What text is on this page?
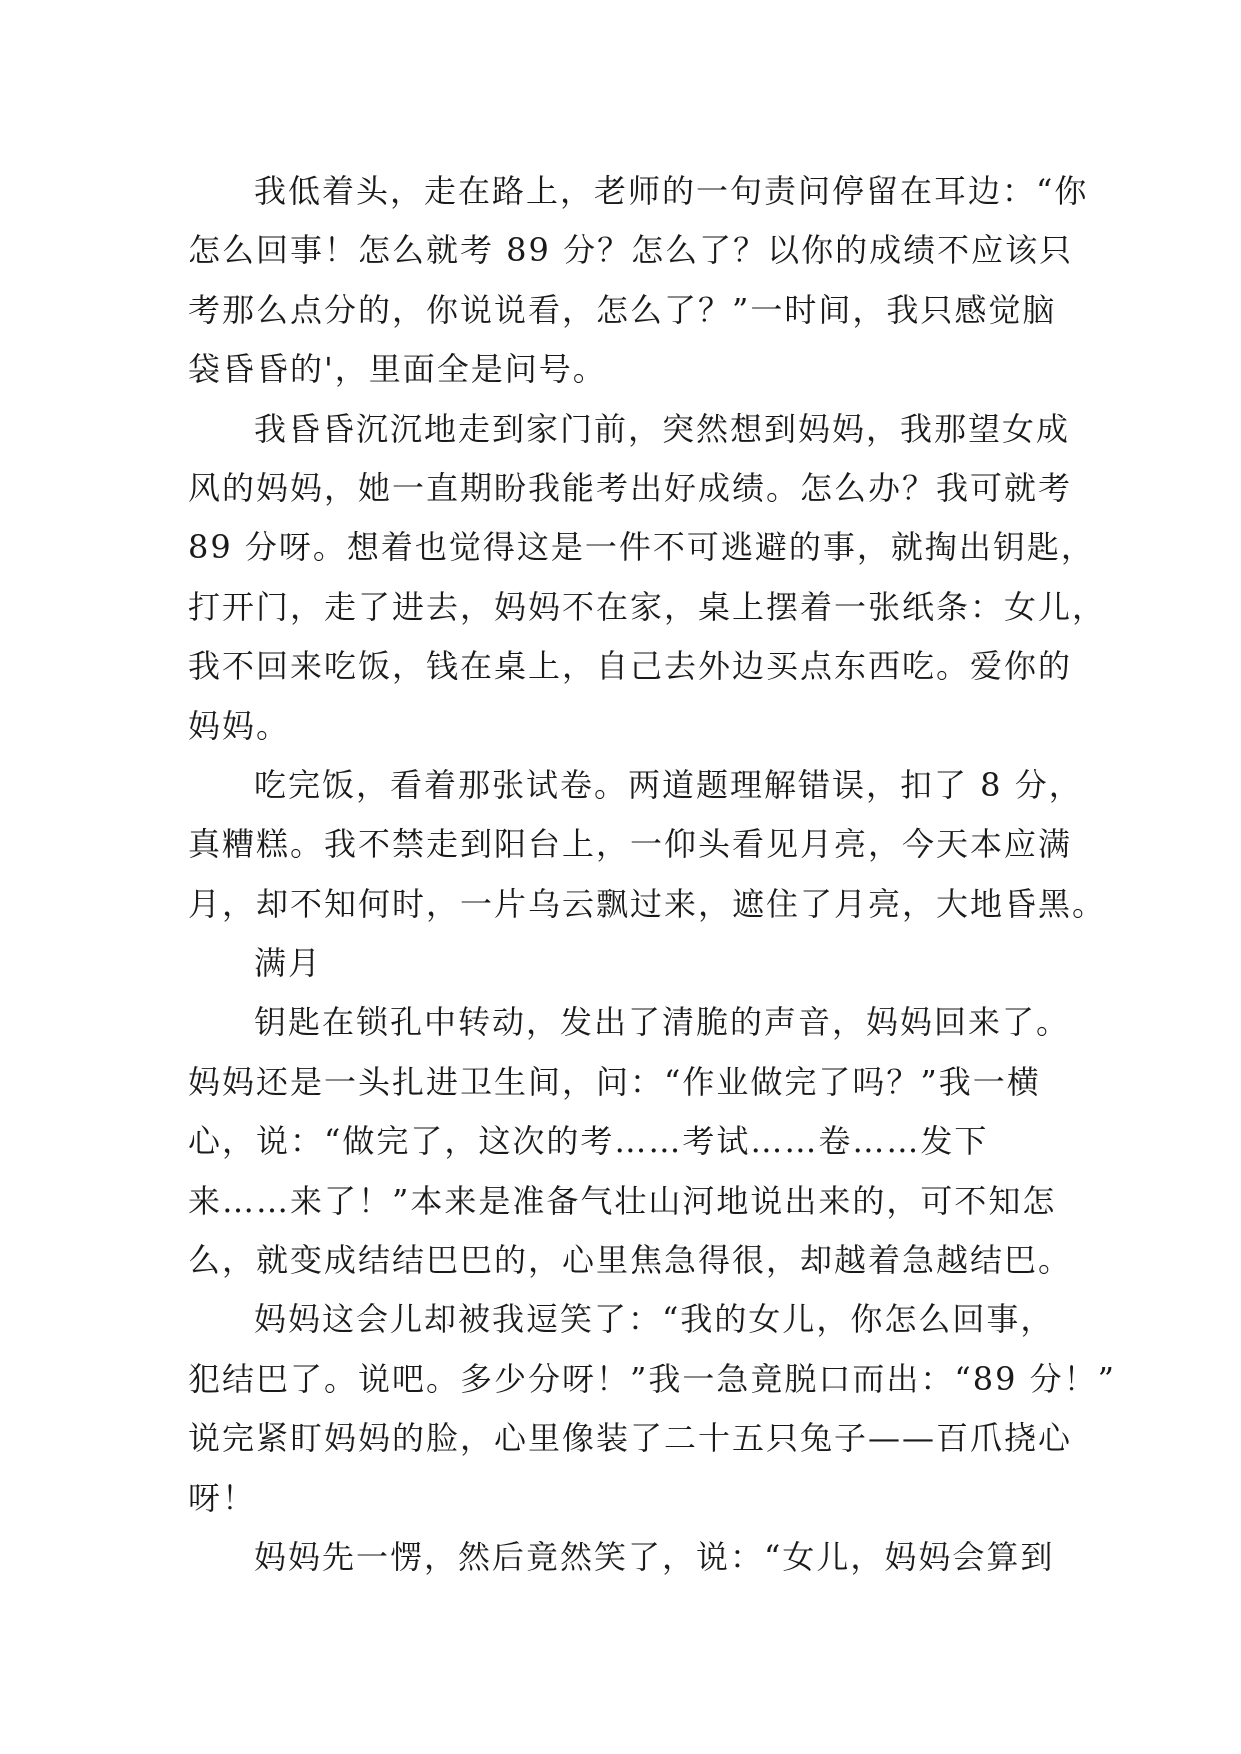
我低着头，走在路上，老师的一句责问停留在耳边：“你
怎么回事！怎么就考 89 分？怎么了？以你的成绩不应该只
考那么点分的，你说说看，怎么了？”一时间，我只感觉脑
袋昏昏的'，里面全是问号。
我昏昏沉沉地走到家门前，突然想到妈妈，我那望女成
风的妈妈，她一直期盼我能考出好成绩。怎么办？我可就考
89 分呀。想着也觉得这是一件不可逃避的事，就掏出钥匙，
打开门，走了进去，妈妈不在家，桌上摆着一张纸条：女儿，
我不回来吃饭，钱在桌上，自己去外边买点东西吃。爱你的
妈妈。
吃完饭，看着那张试卷。两道题理解错误，扣了 8 分，
真糟糕。我不禁走到阳台上，一仰头看见月亮，今天本应满
月，却不知何时，一片乌云飘过来，遮住了月亮，大地昏黑。
满月
钥匙在锁孔中转动，发出了清脆的声音，妈妈回来了。
妈妈还是一头扎进卫生间，问：“作业做完了吗？”我一横
心，说：“做完了，这次的考……考试……卷……发下
来……来了！”本来是准备气壮山河地说出来的，可不知怎
么，就变成结结巴巴的，心里焦急得很，却越着急越结巴。
妈妈这会儿却被我逗笑了：“我的女儿，你怎么回事，
犯结巴了。说吧。多少分呀！”我一急竟脱口而出：“89 分！”
说完紧盯妈妈的脸，心里像装了二十五只兔子——百爪挠心
呀！
妈妈先一愣，然后竟然笑了，说：“女儿，妈妈会算到
